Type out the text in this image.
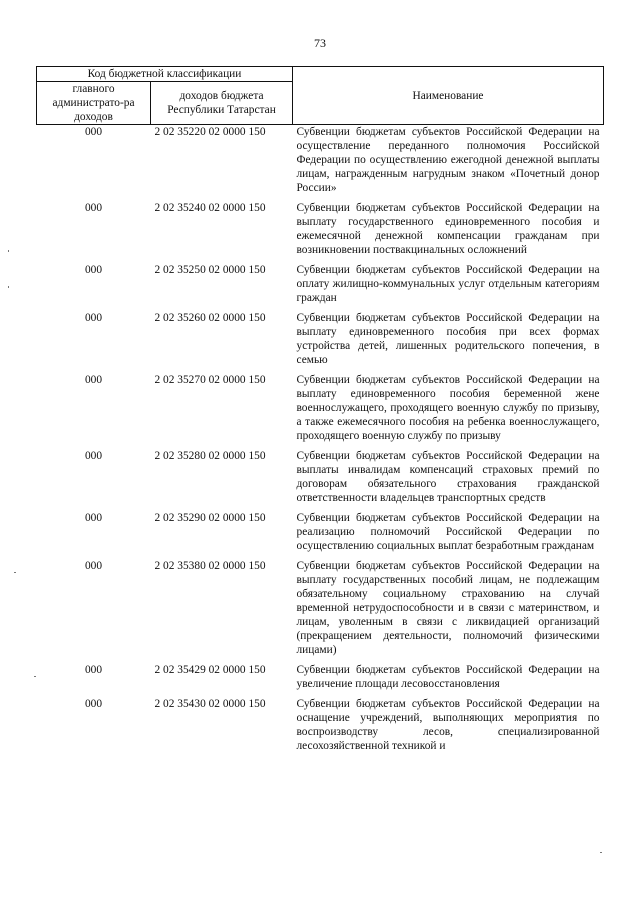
73
Код бюджетной классификации		Наименование
главного администрато-ра доходов	доходов бюджета Республики Татарстан	
000	2 02 35220 02 0000 150	Субвенции бюджетам субъектов Российской Федерации на осуществление переданного полномочия Российской Федерации по осуществлению ежегодной денежной выплаты лицам, награжденным нагрудным знаком «Почетный донор России»
000	2 02 35240 02 0000 150	Субвенции бюджетам субъектов Российской Федерации на выплату государственного единовременного пособия и ежемесячной денежной компенсации гражданам при возникновении поствакцинальных осложнений
000	2 02 35250 02 0000 150	Субвенции бюджетам субъектов Российской Федерации на оплату жилищно-коммунальных услуг отдельным категориям граждан
000	2 02 35260 02 0000 150	Субвенции бюджетам субъектов Российской Федерации на выплату единовременного пособия при всех формах устройства детей, лишенных родительского попечения, в семью
000	2 02 35270 02 0000 150	Субвенции бюджетам субъектов Российской Федерации на выплату единовременного пособия беременной жене военнослужащего, проходящего военную службу по призыву, а также ежемесячного пособия на ребенка военнослужащего, проходящего военную службу по призыву
000	2 02 35280 02 0000 150	Субвенции бюджетам субъектов Российской Федерации на выплаты инвалидам компенсаций страховых премий по договорам обязательного страхования гражданской ответственности владельцев транспортных средств
000	2 02 35290 02 0000 150	Субвенции бюджетам субъектов Российской Федерации на реализацию полномочий Российской Федерации по осуществлению социальных выплат безработным гражданам
000	2 02 35380 02 0000 150	Субвенции бюджетам субъектов Российской Федерации на выплату государственных пособий лицам, не подлежащим обязательному социальному страхованию на случай временной нетрудоспособности и в связи с материнством, и лицам, уволенным в связи с ликвидацией организаций (прекращением деятельности, полномочий физическими лицами)
000	2 02 35429 02 0000 150	Субвенции бюджетам субъектов Российской Федерации на увеличение площади лесовосстановления
000	2 02 35430 02 0000 150	Субвенции бюджетам субъектов Российской Федерации на оснащение учреждений, выполняющих мероприятия по воспроизводству лесов, специализированной лесохозяйственной техникой и
